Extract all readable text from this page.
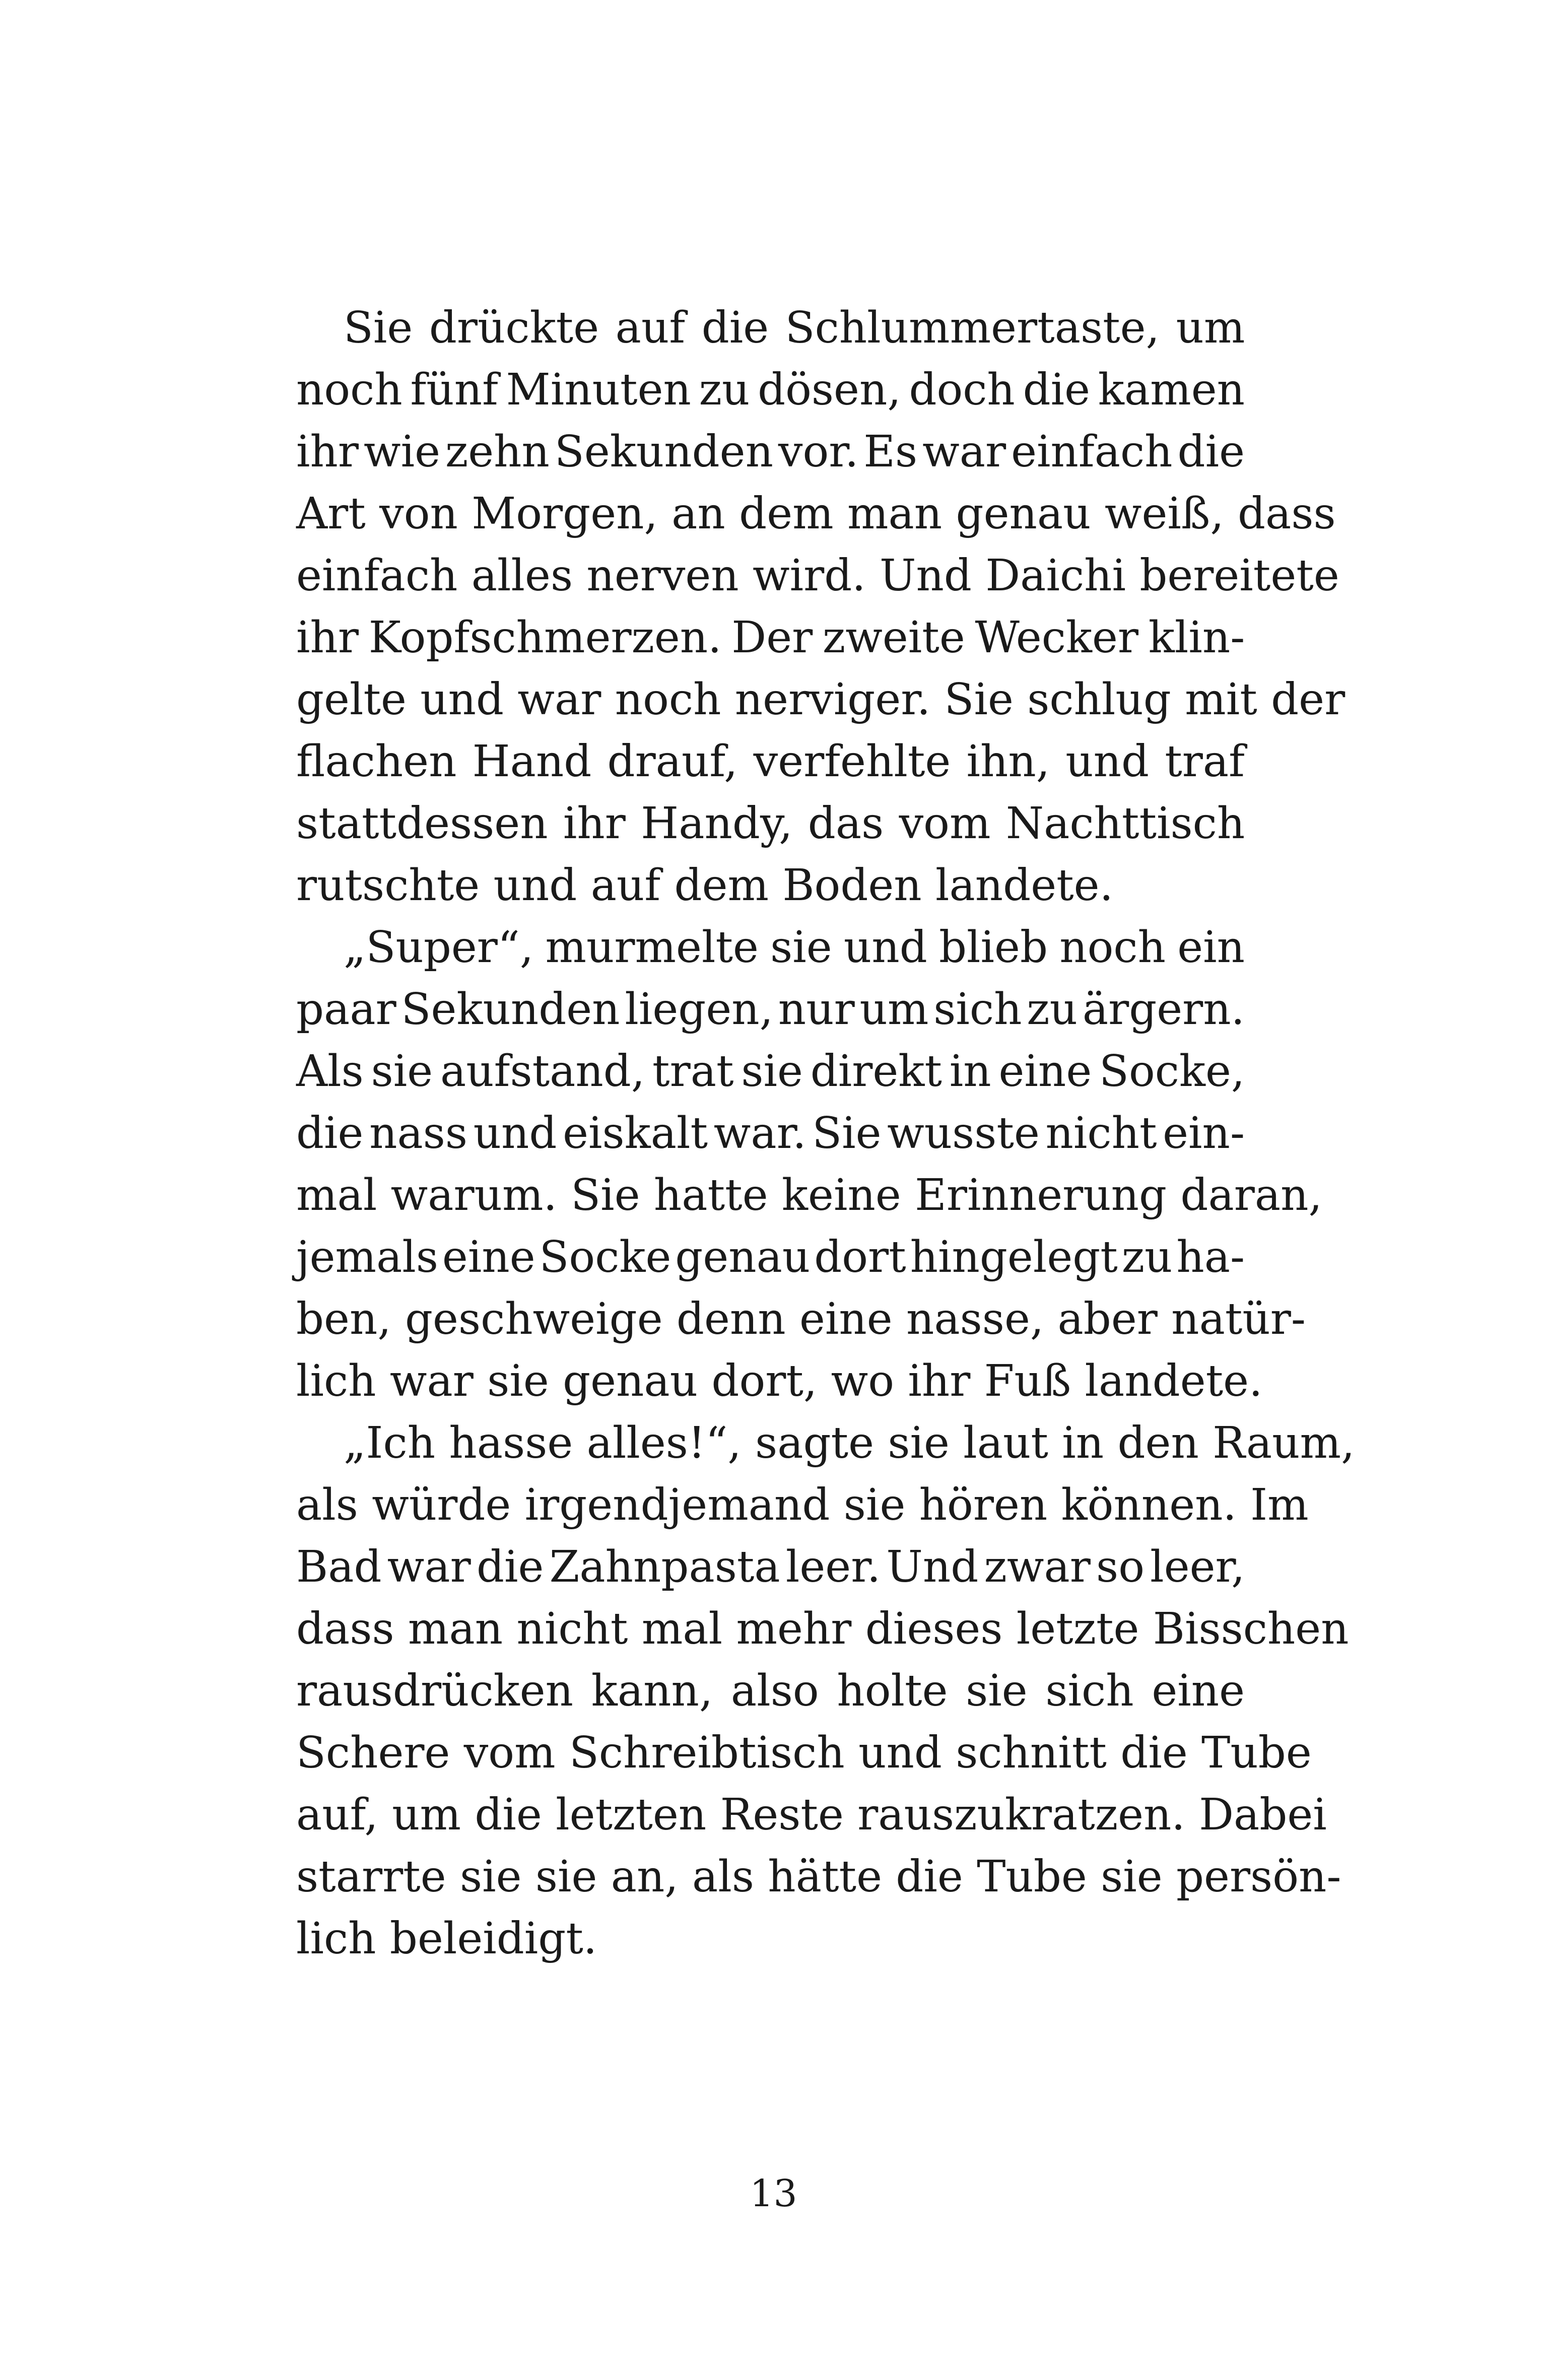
Sie drückte auf die Schlummertaste, um
noch fünf Minuten zu dösen, doch die kamen
ihr wie zehn Sekunden vor. Es war einfach die
Art von Morgen, an dem man genau weiß, dass
einfach alles nerven wird. Und Daichi bereitete
ihr Kopfschmerzen. Der zweite Wecker klin-
gelte und war noch nerviger. Sie schlug mit der
flachen Hand drauf, verfehlte ihn, und traf
stattdessen ihr Handy, das vom Nachttisch
rutschte und auf dem Boden landete.
„Super“, murmelte sie und blieb noch ein
paar Sekunden liegen, nur um sich zu ärgern.
Als sie aufstand, trat sie direkt in eine Socke,
die nass und eiskalt war. Sie wusste nicht ein-
mal warum. Sie hatte keine Erinnerung daran,
jemals eine Socke genau dort hingelegt zu ha-
ben, geschweige denn eine nasse, aber natür-
lich war sie genau dort, wo ihr Fuß landete.
„Ich hasse alles!“, sagte sie laut in den Raum,
als würde irgendjemand sie hören können. Im
Bad war die Zahnpasta leer. Und zwar so leer,
dass man nicht mal mehr dieses letzte Bisschen
rausdrücken kann, also holte sie sich eine
Schere vom Schreibtisch und schnitt die Tube
auf, um die letzten Reste rauszukratzen. Dabei
starrte sie sie an, als hätte die Tube sie persön-
lich beleidigt.
13
